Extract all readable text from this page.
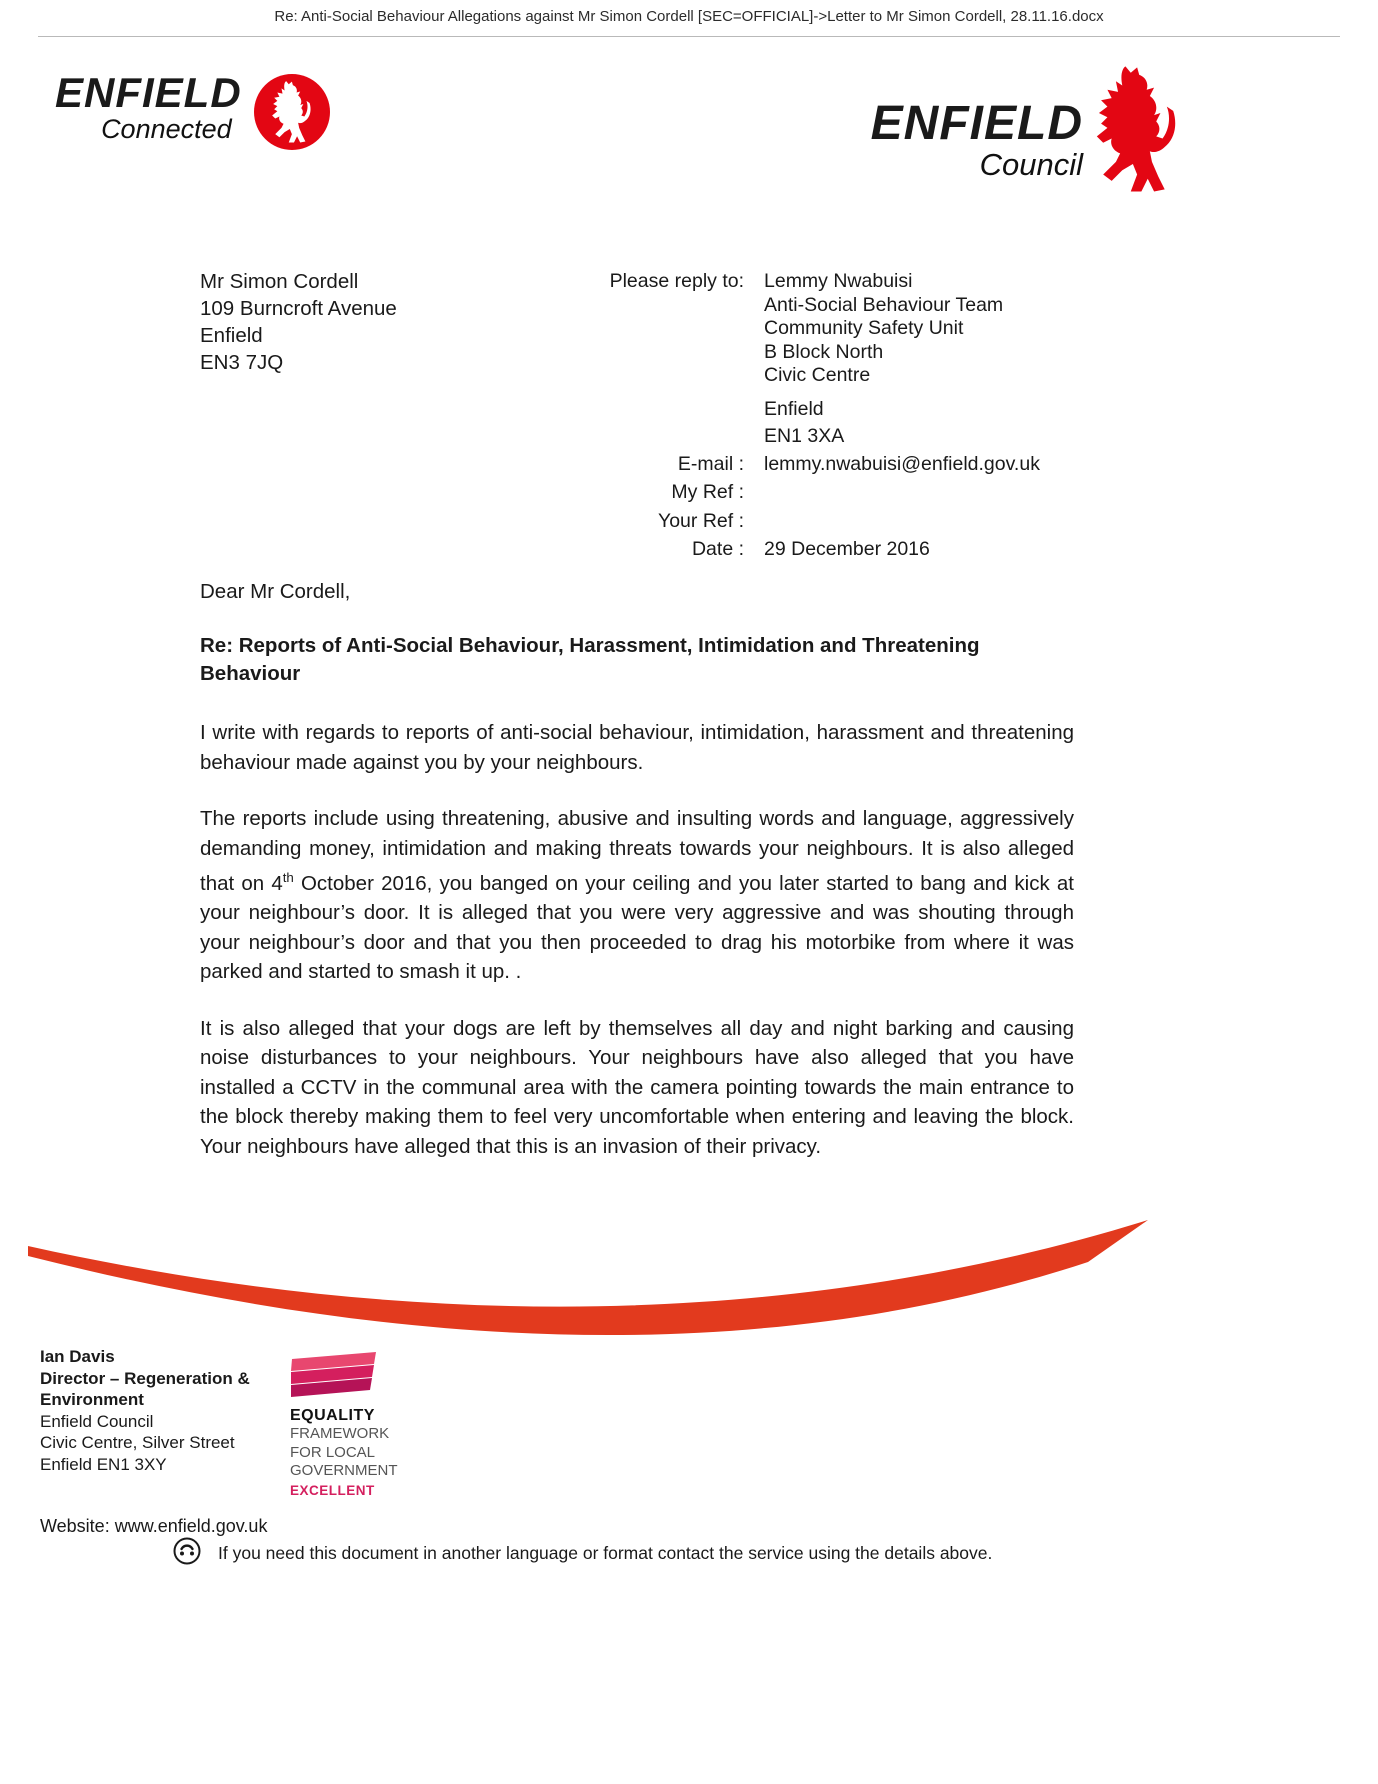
Re: Anti-Social Behaviour Allegations against Mr Simon Cordell [SEC=OFFICIAL]->Letter to Mr Simon Cordell, 28.11.16.docx
ENFIELD
Connected	ENFIELD
Council
Mr Simon Cordell
109 Burncroft Avenue
Enfield
EN3 7JQ
Please reply to: Lemmy Nwabuisi
Anti-Social Behaviour Team
Community Safety Unit
B Block North
Civic Centre
Enfield
EN1 3XA
E-mail : lemmy.nwabuisi@enfield.gov.uk
My Ref :
Your Ref :
Date : 29 December 2016
Dear Mr Cordell,
Re: Reports of Anti-Social Behaviour, Harassment, Intimidation and Threatening Behaviour

I write with regards to reports of anti-social behaviour, intimidation, harassment and threatening behaviour made against you by your neighbours.

The reports include using threatening, abusive and insulting words and language, aggressively demanding money, intimidation and making threats towards your neighbours. It is also alleged that on 4th October 2016, you banged on your ceiling and you later started to bang and kick at your neighbour’s door. It is alleged that you were very aggressive and was shouting through your neighbour’s door and that you then proceeded to drag his motorbike from where it was parked and started to smash it up. .

It is also alleged that your dogs are left by themselves all day and night barking and causing noise disturbances to your neighbours. Your neighbours have also alleged that you have installed a CCTV in the communal area with the camera pointing towards the main entrance to the block thereby making them to feel very uncomfortable when entering and leaving the block. Your neighbours have alleged that this is an invasion of their privacy.

Ian Davis
Director – Regeneration & Environment
Enfield Council
Civic Centre, Silver Street
Enfield EN1 3XY
EQUALITY
FRAMEWORK
FOR LOCAL
GOVERNMENT
EXCELLENT
Website: www.enfield.gov.uk
If you need this document in another language or format contact the service using the details above.
